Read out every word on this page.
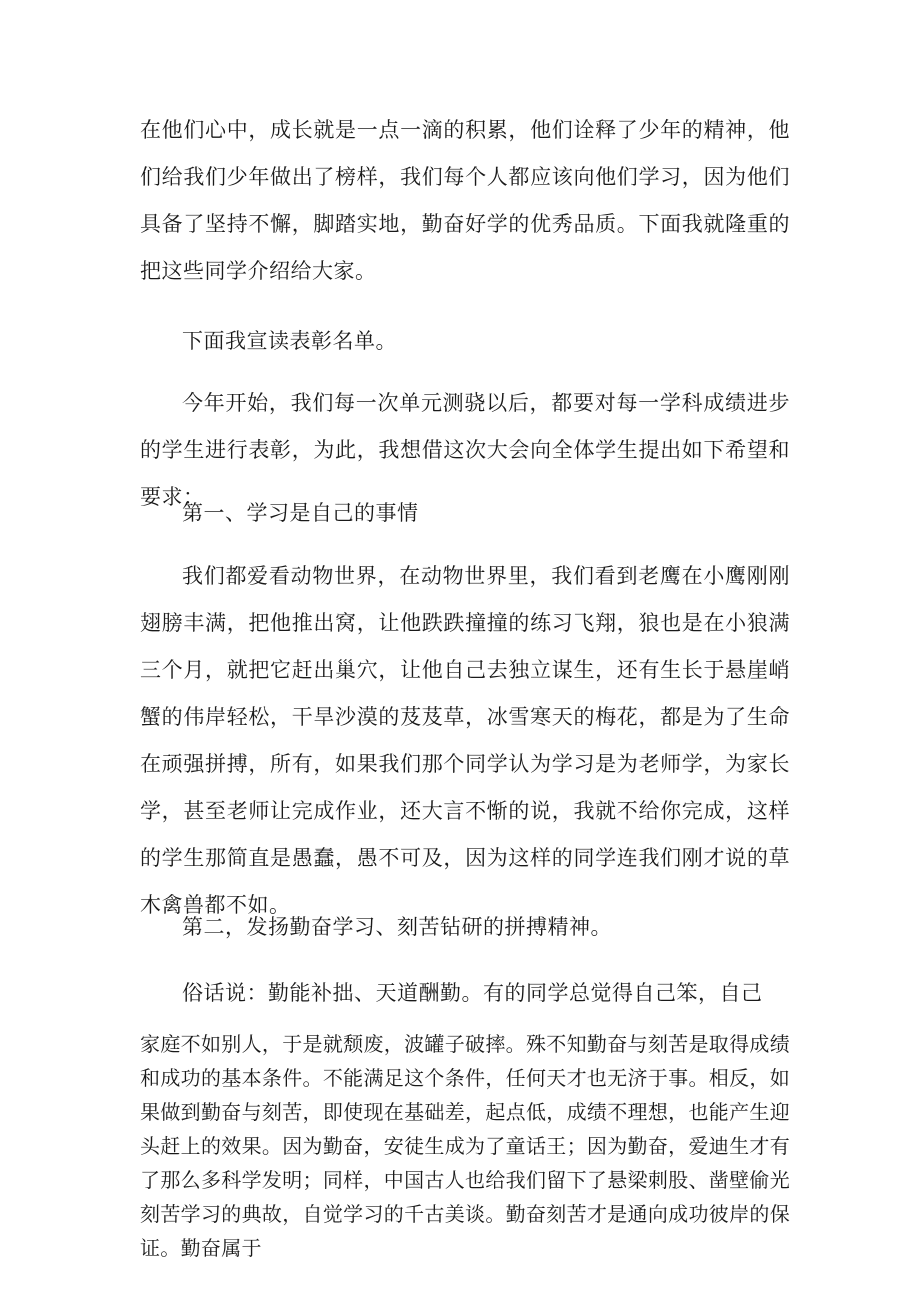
在他们心中，成长就是一点一滴的积累，他们诠释了少年的精神，他们给我们少年做出了榜样，我们每个人都应该向他们学习，因为他们具备了坚持不懈，脚踏实地，勤奋好学的优秀品质。下面我就隆重的把这些同学介绍给大家。

下面我宣读表彰名单。

今年开始，我们每一次单元测骁以后，都要对每一学科成绩进步的学生进行表彰，为此，我想借这次大会向全体学生提出如下希望和要求：

第一、学习是自己的事情

我们都爱看动物世界，在动物世界里，我们看到老鹰在小鹰刚刚翅膀丰满，把他推出窝，让他跌跌撞撞的练习飞翔，狼也是在小狼满三个月，就把它赶出巢穴，让他自己去独立谋生，还有生长于悬崖峭蟹的伟岸轻松，干旱沙漠的芨芨草，冰雪寒天的梅花，都是为了生命在顽强拼搏，所有，如果我们那个同学认为学习是为老师学，为家长学，甚至老师让完成作业，还大言不惭的说，我就不给你完成，这样的学生那简直是愚蠢，愚不可及，因为这样的同学连我们刚才说的草木禽兽都不如。

第二，发扬勤奋学习、刻苦钻研的拼搏精神。

俗话说：勤能补拙、天道酬勤。有的同学总觉得自己笨，自己

家庭不如别人，于是就颓废，波罐子破摔。殊不知勤奋与刻苦是取得成绩和成功的基本条件。不能满足这个条件，任何天才也无济于事。相反，如果做到勤奋与刻苦，即使现在基础差，起点低，成绩不理想，也能产生迎头赶上的效果。因为勤奋，安徒生成为了童话王；因为勤奋，爱迪生才有了那么多科学发明；同样，中国古人也给我们留下了悬梁刺股、凿壁偷光刻苦学习的典故，自觉学习的千古美谈。勤奋刻苦才是通向成功彼岸的保证。勤奋属于
